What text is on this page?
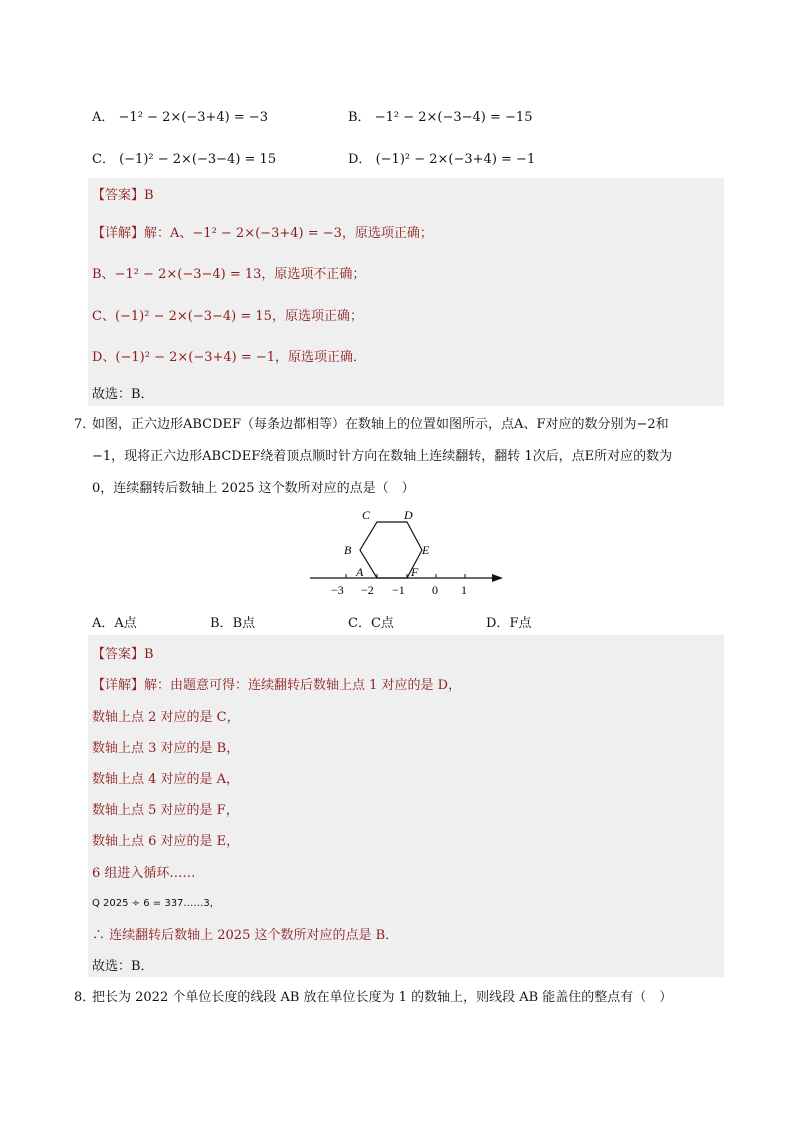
A． −1² − 2×(−3+4) = −3	B． −1² − 2×(−3−4) = −15
C． (−1)² − 2×(−3−4) = 15	D． (−1)² − 2×(−3+4) = −1
【答案】B
【详解】解：A、−1² − 2×(−3+4) = −3，原选项正确；
B、−1² − 2×(−3−4) = 13，原选项不正确；
C、(−1)² − 2×(−3−4) = 15，原选项正确；
D、(−1)² − 2×(−3+4) = −1，原选项正确．
故选：B．
7．
如图，正六边形ABCDEF（每条边都相等）在数轴上的位置如图所示，点A、F对应的数分别为−2和
−1，现将正六边形ABCDEF绕着顶点顺时针方向在数轴上连续翻转，翻转 1次后，点E所对应的数为
0，连续翻转后数轴上 2025 这个数所对应的点是（　）
C	D
B	E
A	F
−3 −2 −1 0 1
A．A点	B．B点	C．C点	D．F点
【答案】B
【详解】解：由题意可得：连续翻转后数轴上点 1 对应的是 D，
数轴上点 2 对应的是 C，
数轴上点 3 对应的是 B，
数轴上点 4 对应的是 A，
数轴上点 5 对应的是 F，
数轴上点 6 对应的是 E，
6 组进入循环……
Q 2025 ÷ 6 = 337……3，
∴ 连续翻转后数轴上 2025 这个数所对应的点是 B．
故选：B．
8．
把长为 2022 个单位长度的线段 AB 放在单位长度为 1 的数轴上，则线段 AB 能盖住的整点有（　）
